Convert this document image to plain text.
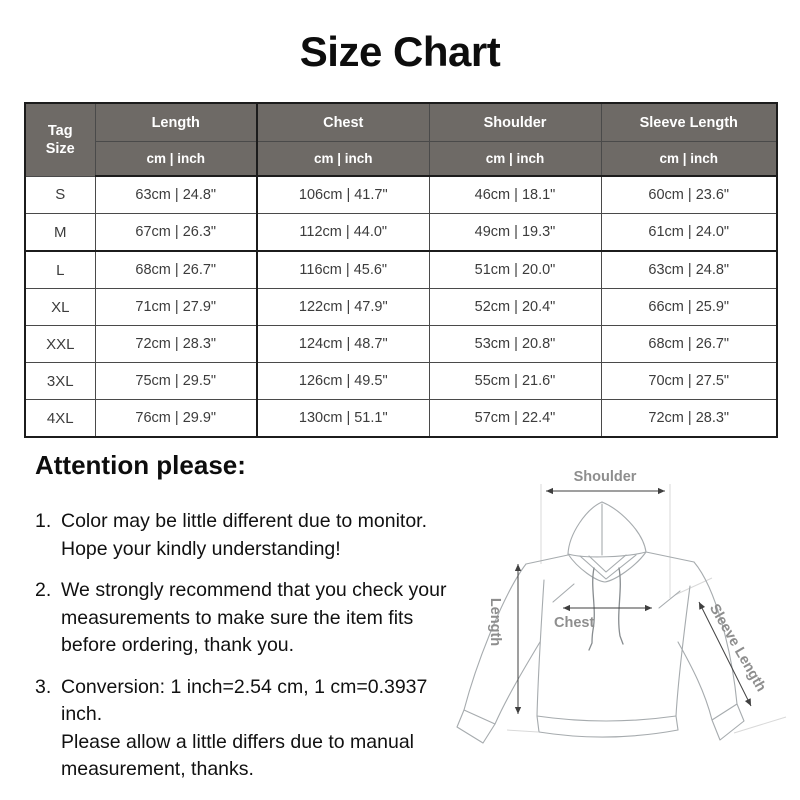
Size Chart
Tag
Size	Length	Chest	Shoulder	Sleeve Length
	cm | inch	cm | inch	cm | inch	cm | inch
S	63cm | 24.8"	106cm | 41.7"	46cm | 18.1"	60cm | 23.6"
M	67cm | 26.3"	112cm | 44.0"	49cm | 19.3"	61cm | 24.0"
L	68cm | 26.7"	116cm | 45.6"	51cm | 20.0"	63cm | 24.8"
XL	71cm | 27.9"	122cm | 47.9"	52cm | 20.4"	66cm | 25.9"
XXL	72cm | 28.3"	124cm | 48.7"	53cm | 20.8"	68cm | 26.7"
3XL	75cm | 29.5"	126cm | 49.5"	55cm | 21.6"	70cm | 27.5"
4XL	76cm | 29.9"	130cm | 51.1"	57cm | 22.4"	72cm | 28.3"
Attention please:
1. Color may be little different due to monitor.
Hope your kindly understanding!
2. We strongly recommend that you check your
measurements to make sure the item fits
before ordering, thank you.
3. Conversion: 1 inch=2.54 cm, 1 cm=0.3937 inch.
Please allow a little differs due to manual
measurement, thanks.
Shoulder
Length	Chest	Sleeve Length
